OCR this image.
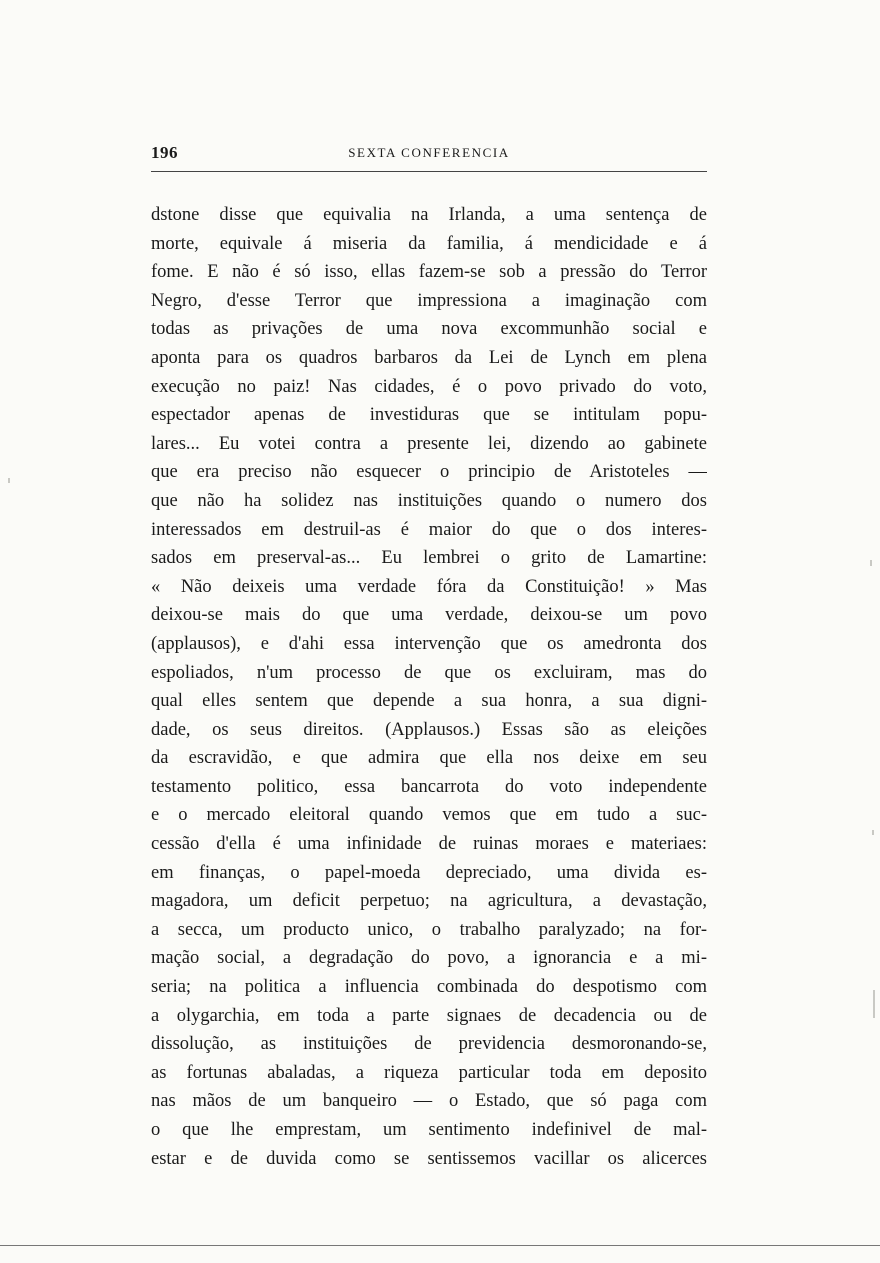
196	SEXTA CONFERENCIA
dstone disse que equivalia na Irlanda, a uma sentença de
morte, equivale á miseria da familia, á mendicidade e á
fome. E não é só isso, ellas fazem-se sob a pressão do Terror
Negro, d'esse Terror que impressiona a imaginação com
todas as privações de uma nova excommunhão social e
aponta para os quadros barbaros da Lei de Lynch em plena
execução no paiz! Nas cidades, é o povo privado do voto,
espectador apenas de investiduras que se intitulam popu-
lares... Eu votei contra a presente lei, dizendo ao gabinete
que era preciso não esquecer o principio de Aristoteles —
que não ha solidez nas instituições quando o numero dos
interessados em destruil-as é maior do que o dos interes-
sados em preserval-as... Eu lembrei o grito de Lamartine:
« Não deixeis uma verdade fóra da Constituição! » Mas
deixou-se mais do que uma verdade, deixou-se um povo
(applausos), e d'ahi essa intervenção que os amedronta dos
espoliados, n'um processo de que os excluiram, mas do
qual elles sentem que depende a sua honra, a sua digni-
dade, os seus direitos. (Applausos.) Essas são as eleições
da escravidão, e que admira que ella nos deixe em seu
testamento politico, essa bancarrota do voto independente
e o mercado eleitoral quando vemos que em tudo a suc-
cessão d'ella é uma infinidade de ruinas moraes e materiaes:
em finanças, o papel-moeda depreciado, uma divida es-
magadora, um deficit perpetuo; na agricultura, a devastação,
a secca, um producto unico, o trabalho paralyzado; na for-
mação social, a degradação do povo, a ignorancia e a mi-
seria; na politica a influencia combinada do despotismo com
a olygarchia, em toda a parte signaes de decadencia ou de
dissolução, as instituições de previdencia desmoronando-se,
as fortunas abaladas, a riqueza particular toda em deposito
nas mãos de um banqueiro — o Estado, que só paga com
o que lhe emprestam, um sentimento indefinivel de mal-
estar e de duvida como se sentissemos vacillar os alicerces
